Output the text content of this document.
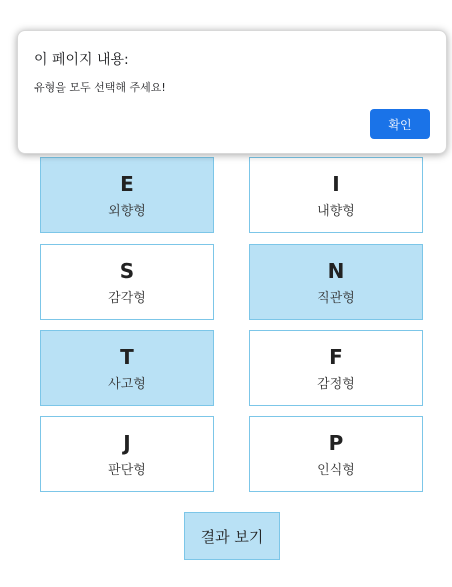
E
외향형
I
내향형
S
감각형
N
직관형
T
사고형
F
감정형
J
판단형
P
인식형
결과 보기
이 페이지 내용:
유형을 모두 선택해 주세요!
확인
